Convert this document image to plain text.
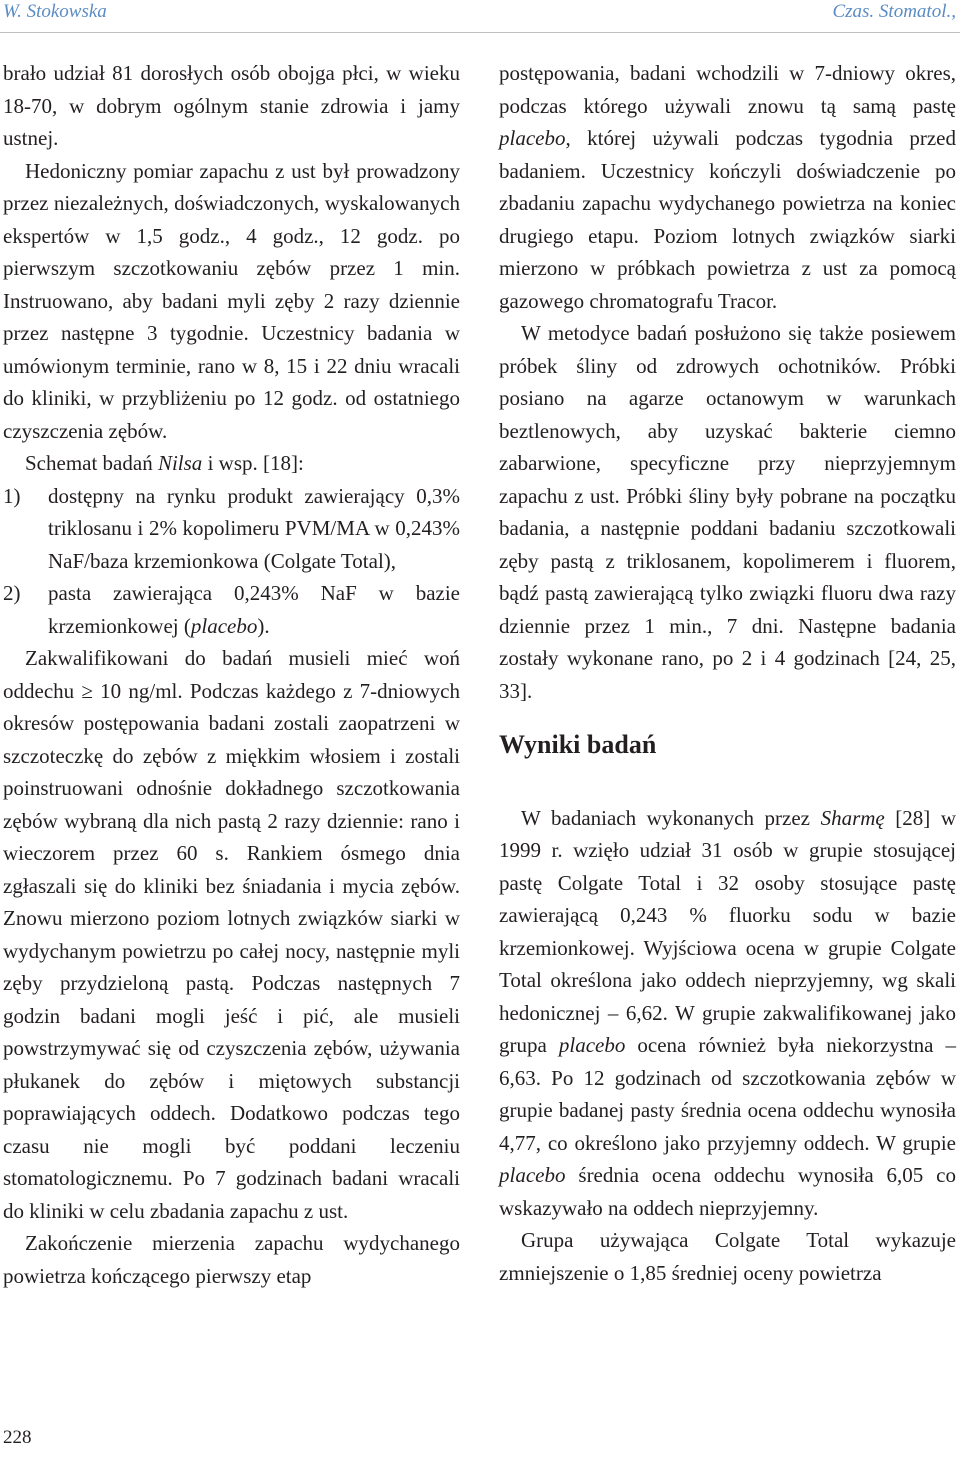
W. Stokowska	Czas. Stomatol.,

brało udział 81 dorosłych osób obojga płci, w wieku 18-70, w dobrym ogólnym stanie zdrowia i jamy ustnej.

Hedoniczny pomiar zapachu z ust był prowadzony przez niezależnych, doświadczonych, wyskalowanych ekspertów w 1,5 godz., 4 godz., 12 godz. po pierwszym szczotkowaniu zębów przez 1 min. Instruowano, aby badani myli zęby 2 razy dziennie przez następne 3 tygodnie. Uczestnicy badania w umówionym terminie, rano w 8, 15 i 22 dniu wracali do kliniki, w przybliżeniu po 12 godz. od ostatniego czyszczenia zębów.

Schemat badań Nilsa i wsp. [18]:

1) dostępny na rynku produkt zawierający 0,3% triklosanu i 2% kopolimeru PVM/MA w 0,243% NaF/baza krzemionkowa (Colgate Total),
2) pasta zawierająca 0,243% NaF w bazie krzemionkowej (placebo).

Zakwalifikowani do badań musieli mieć woń oddechu ≥ 10 ng/ml. Podczas każdego z 7-dniowych okresów postępowania badani zostali zaopatrzeni w szczoteczkę do zębów z miękkim włosiem i zostali poinstruowani odnośnie dokładnego szczotkowania zębów wybraną dla nich pastą 2 razy dziennie: rano i wieczorem przez 60 s. Rankiem ósmego dnia zgłaszali się do kliniki bez śniadania i mycia zębów. Znowu mierzono poziom lotnych związków siarki w wydychanym powietrzu po całej nocy, następnie myli zęby przydzieloną pastą. Podczas następnych 7 godzin badani mogli jeść i pić, ale musieli powstrzymywać się od czyszczenia zębów, używania płukanek do zębów i miętowych substancji poprawiających oddech. Dodatkowo podczas tego czasu nie mogli być poddani leczeniu stomatologicznemu. Po 7 godzinach badani wracali do kliniki w celu zbadania zapachu z ust.

Zakończenie mierzenia zapachu wydychanego powietrza kończącego pierwszy etap

postępowania, badani wchodzili w 7-dniowy okres, podczas którego używali znowu tą samą pastę placebo, której używali podczas tygodnia przed badaniem. Uczestnicy kończyli doświadczenie po zbadaniu zapachu wydychanego powietrza na koniec drugiego etapu. Poziom lotnych związków siarki mierzono w próbkach powietrza z ust za pomocą gazowego chromatografu Tracor.

W metodyce badań posłużono się także posiewem próbek śliny od zdrowych ochotników. Próbki posiano na agarze octanowym w warunkach beztlenowych, aby uzyskać bakterie ciemno zabarwione, specyficzne przy nieprzyjemnym zapachu z ust. Próbki śliny były pobrane na początku badania, a następnie poddani badaniu szczotkowali zęby pastą z triklosanem, kopolimerem i fluorem, bądź pastą zawierającą tylko związki fluoru dwa razy dziennie przez 1 min., 7 dni. Następne badania zostały wykonane rano, po 2 i 4 godzinach [24, 25, 33].

Wyniki badań

W badaniach wykonanych przez Sharmę [28] w 1999 r. wzięło udział 31 osób w grupie stosującej pastę Colgate Total i 32 osoby stosujące pastę zawierającą 0,243 % fluorku sodu w bazie krzemionkowej. Wyjściowa ocena w grupie Colgate Total określona jako oddech nieprzyjemny, wg skali hedonicznej – 6,62. W grupie zakwalifikowanej jako grupa placebo ocena również była niekorzystna – 6,63. Po 12 godzinach od szczotkowania zębów w grupie badanej pasty średnia ocena oddechu wynosiła 4,77, co określono jako przyjemny oddech. W grupie placebo średnia ocena oddechu wynosiła 6,05 co wskazywało na oddech nieprzyjemny.

Grupa używająca Colgate Total wykazuje zmniejszenie o 1,85 średniej oceny powietrza

228
